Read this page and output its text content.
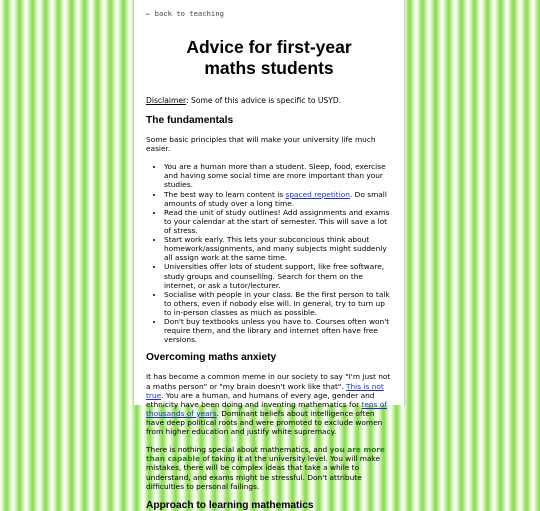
← back to teaching
Advice for first-year
maths students

Disclaimer: Some of this advice is specific to USYD.

The fundamentals

Some basic principles that will make your university life much easier.

• You are a human more than a student. Sleep, food, exercise and having some social time are more important than your studies.
• The best way to learn content is spaced repetition. Do small amounts of study over a long time.
• Read the unit of study outlines! Add assignments and exams to your calendar at the start of semester. This will save a lot of stress.
• Start work early. This lets your subconcious think about homework/assignments, and many subjects might suddenly all assign work at the same time.
• Universities offer lots of student support, like free software, study groups and counselling. Search for them on the internet, or ask a tutor/lecturer.
• Socialise with people in your class. Be the first person to talk to others, even if nobody else will. In general, try to turn up to in-person classes as much as possible.
• Don't buy textbooks unless you have to. Courses often won't require them, and the library and internet often have free versions.
Overcoming maths anxiety

It has become a common meme in our society to say "I'm just not a maths person" or "my brain doesn't work like that". This is not true. You are a human, and humans of every age, gender and ethnicity have been doing and inventing mathematics for tens of thousands of years. Dominant beliefs about intelligence often have deep political roots and were promoted to exclude women from higher education and justify white supremacy.

There is nothing special about mathematics, and you are more than capable of taking it at the university level. You will make mistakes, there will be complex ideas that take a while to understand, and exams might be stressful. Don't attribute difficulties to personal failings.

Approach to learning mathematics
